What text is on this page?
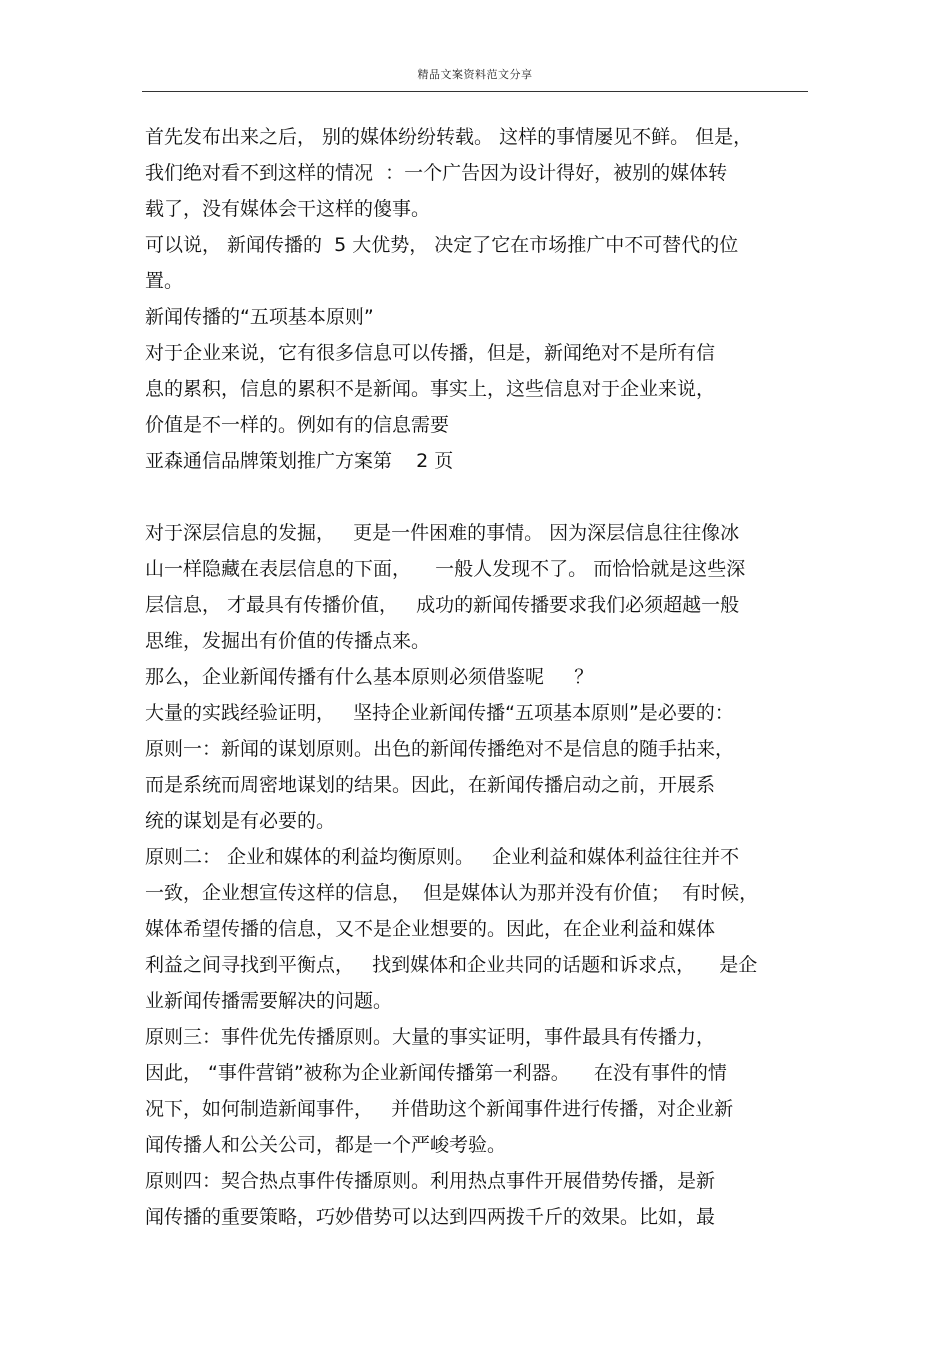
精品文案资料范文分享
首先发布出来之后， 别的媒体纷纷转载。 这样的事情屡见不鲜。 但是，
我们绝对看不到这样的情况  ：一个广告因为设计得好，被别的媒体转
载了，没有媒体会干这样的傻事。
可以说， 新闻传播的  5 大优势， 决定了它在市场推广中不可替代的位
置。
新闻传播的“五项基本原则”
对于企业来说，它有很多信息可以传播，但是，新闻绝对不是所有信
息的累积，信息的累积不是新闻。事实上，这些信息对于企业来说，
价值是不一样的。例如有的信息需要
亚森通信品牌策划推广方案第    2 页
对于深层信息的发掘，   更是一件困难的事情。 因为深层信息往往像冰
山一样隐藏在表层信息的下面，    一般人发现不了。 而恰恰就是这些深
层信息， 才最具有传播价值，   成功的新闻传播要求我们必须超越一般
思维，发掘出有价值的传播点来。
那么，企业新闻传播有什么基本原则必须借鉴呢     ？
大量的实践经验证明，   坚持企业新闻传播“五项基本原则”是必要的：
原则一：新闻的谋划原则。出色的新闻传播绝对不是信息的随手拈来，
而是系统而周密地谋划的结果。因此，在新闻传播启动之前，开展系
统的谋划是有必要的。
原则二： 企业和媒体的利益均衡原则。   企业利益和媒体利益往往并不
一致，企业想宣传这样的信息，  但是媒体认为那并没有价值；  有时候，
媒体希望传播的信息，又不是企业想要的。因此，在企业利益和媒体
利益之间寻找到平衡点，   找到媒体和企业共同的话题和诉求点，    是企
业新闻传播需要解决的问题。
原则三：事件优先传播原则。大量的事实证明，事件最具有传播力，
因此， “事件营销”被称为企业新闻传播第一利器。    在没有事件的情
况下，如何制造新闻事件，   并借助这个新闻事件进行传播，对企业新
闻传播人和公关公司，都是一个严峻考验。
原则四：契合热点事件传播原则。利用热点事件开展借势传播，是新
闻传播的重要策略，巧妙借势可以达到四两拨千斤的效果。比如，最
